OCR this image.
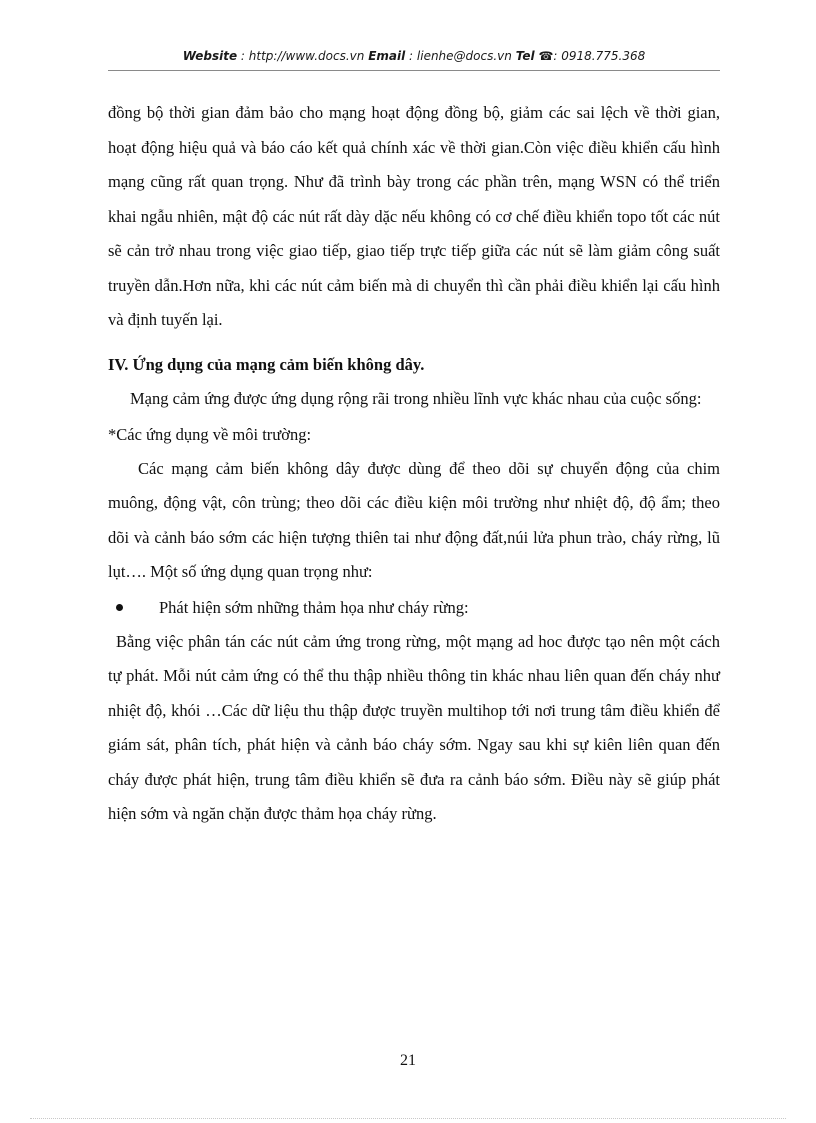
Website : http://www.docs.vn Email : lienhe@docs.vn Tel ☎: 0918.775.368

đồng bộ thời gian đảm bảo cho mạng hoạt động đồng bộ, giảm các sai lệch về thời gian, hoạt động hiệu quả và báo cáo kết quả chính xác về thời gian.Còn việc điều khiển cấu hình mạng cũng rất quan trọng. Như đã trình bày trong các phần trên, mạng WSN có thể triển khai ngẫu nhiên, mật độ các nút rất dày dặc nếu không có cơ chế điều khiển topo tốt các nút sẽ cản trở nhau trong việc giao tiếp, giao tiếp trực tiếp giữa các nút sẽ làm giảm công suất truyền dẫn.Hơn nữa, khi các nút cảm biến mà di chuyển thì cần phải điều khiển lại cấu hình và định tuyến lại.

IV. Ứng dụng của mạng cảm biến không dây.

Mạng cảm ứng được ứng dụng rộng rãi trong nhiều lĩnh vực khác nhau của cuộc sống:

*Các ứng dụng về môi trường:

Các mạng cảm biến không dây được dùng để theo dõi sự chuyển động của chim muông, động vật, côn trùng; theo dõi các điều kiện môi trường như nhiệt độ, độ ẩm; theo dõi và cảnh báo sớm các hiện tượng thiên tai như động đất,núi lửa phun trào, cháy rừng, lũ lụt…. Một số ứng dụng quan trọng như:

Phát hiện sớm những thảm họa như cháy rừng:

Bằng việc phân tán các nút cảm ứng trong rừng, một mạng ad hoc được tạo nên một cách tự phát. Mỗi nút cảm ứng có thể thu thập nhiều thông tin khác nhau liên quan đến cháy như nhiệt độ, khói …Các dữ liệu thu thập được truyền multihop tới nơi trung tâm điều khiển để giám sát, phân tích, phát hiện và cảnh báo cháy sớm. Ngay sau khi sự kiên liên quan đến cháy được phát hiện, trung tâm điều khiển sẽ đưa ra cảnh báo sớm. Điều này sẽ giúp phát hiện sớm và ngăn chặn được thảm họa cháy rừng.

21
